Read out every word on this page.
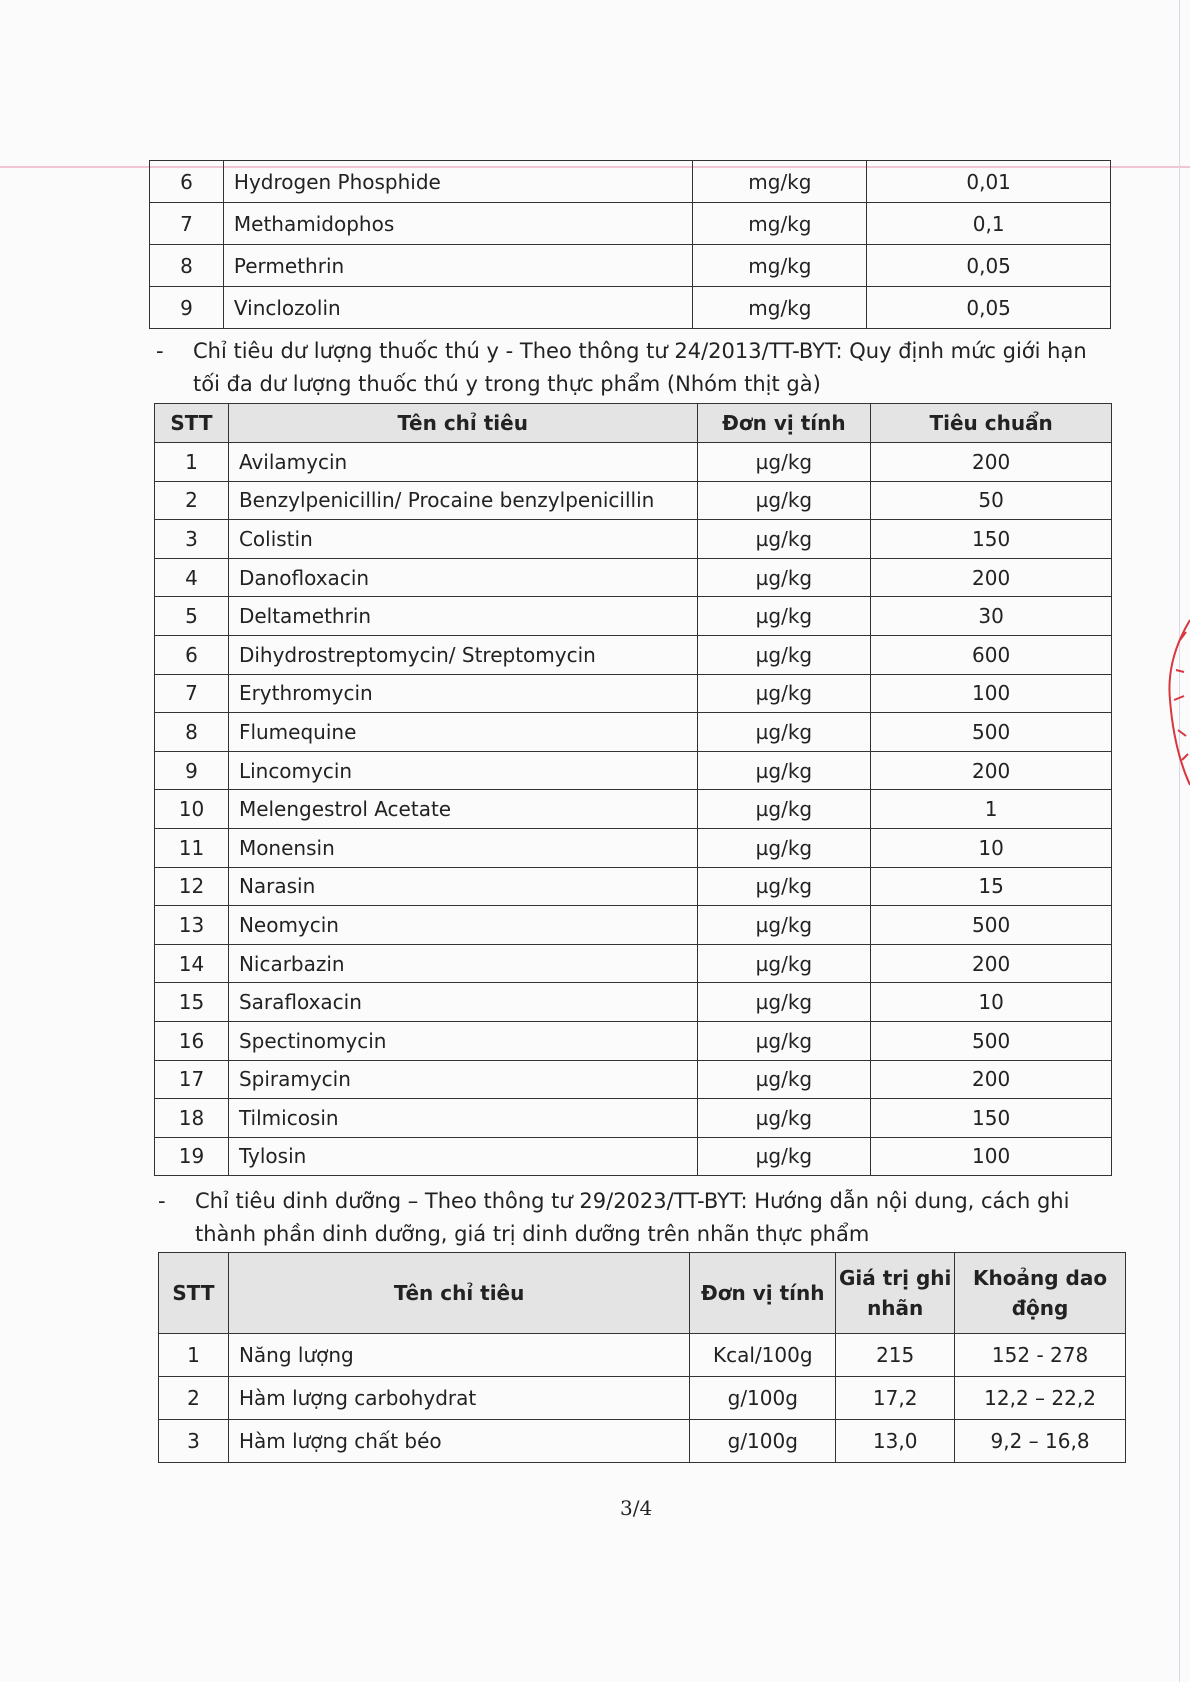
6	Hydrogen Phosphide	mg/kg	0,01
7	Methamidophos	mg/kg	0,1
8	Permethrin	mg/kg	0,05
9	Vinclozolin	mg/kg	0,05
- Chỉ tiêu dư lượng thuốc thú y - Theo thông tư 24/2013/TT-BYT: Quy định mức giới hạn tối đa dư lượng thuốc thú y trong thực phẩm (Nhóm thịt gà)
STT	Tên chỉ tiêu	Đơn vị tính	Tiêu chuẩn
1	Avilamycin	µg/kg	200
2	Benzylpenicillin/ Procaine benzylpenicillin	µg/kg	50
3	Colistin	µg/kg	150
4	Danofloxacin	µg/kg	200
5	Deltamethrin	µg/kg	30
6	Dihydrostreptomycin/ Streptomycin	µg/kg	600
7	Erythromycin	µg/kg	100
8	Flumequine	µg/kg	500
9	Lincomycin	µg/kg	200
10	Melengestrol Acetate	µg/kg	1
11	Monensin	µg/kg	10
12	Narasin	µg/kg	15
13	Neomycin	µg/kg	500
14	Nicarbazin	µg/kg	200
15	Sarafloxacin	µg/kg	10
16	Spectinomycin	µg/kg	500
17	Spiramycin	µg/kg	200
18	Tilmicosin	µg/kg	150
19	Tylosin	µg/kg	100
- Chỉ tiêu dinh dưỡng – Theo thông tư 29/2023/TT-BYT: Hướng dẫn nội dung, cách ghi thành phần dinh dưỡng, giá trị dinh dưỡng trên nhãn thực phẩm
STT	Tên chỉ tiêu	Đơn vị tính	Giá trị ghi nhãn	Khoảng dao động
1	Năng lượng	Kcal/100g	215	152 - 278
2	Hàm lượng carbohydrat	g/100g	17,2	12,2 – 22,2
3	Hàm lượng chất béo	g/100g	13,0	9,2 – 16,8
3/4
